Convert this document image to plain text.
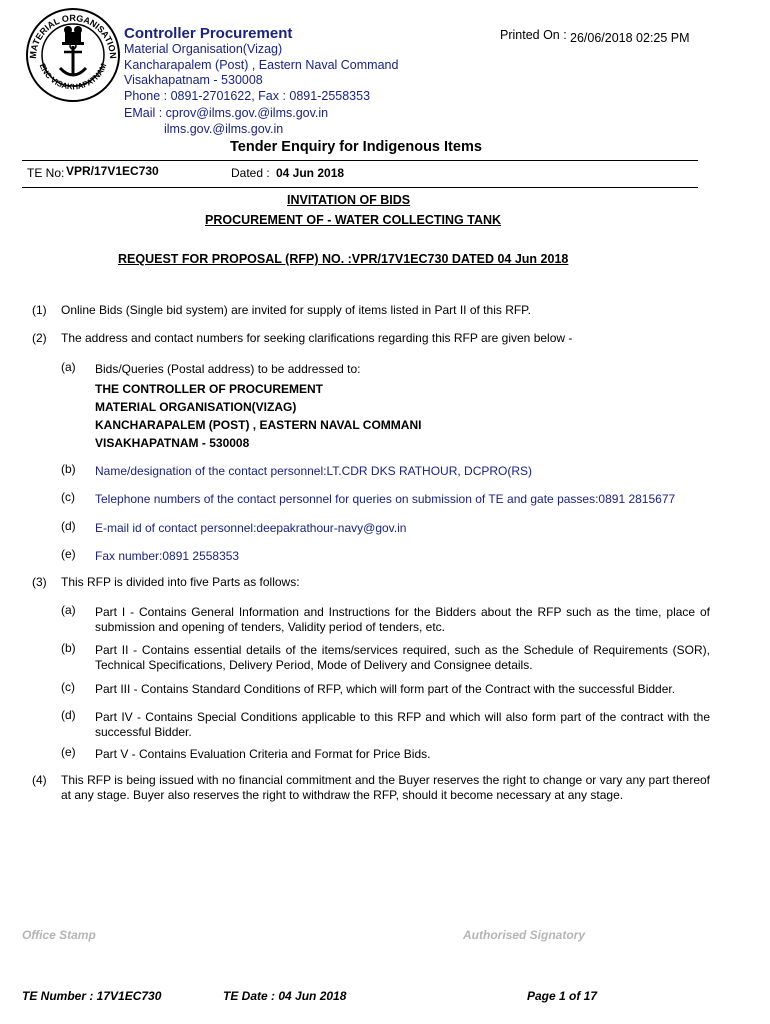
MATERIAL ORGANISATION
ENC VISAKHAPATNAM
Controller Procurement	Printed On : 26/06/2018 02:25 PM
Material Organisation(Vizag)
Kancharapalem (Post) , Eastern Naval Command
Visakhapatnam - 530008
Phone : 0891-2701622, Fax : 0891-2558353
EMail : cprov@ilms.gov.@ilms.gov.in
ilms.gov.@ilms.gov.in
Tender Enquiry for Indigenous Items
TE No: VPR/17V1EC730	Dated : 04 Jun 2018
INVITATION OF BIDS
PROCUREMENT OF - WATER COLLECTING TANK
REQUEST FOR PROPOSAL (RFP) NO. :VPR/17V1EC730 DATED 04 Jun 2018
(1) Online Bids (Single bid system) are invited for supply of items listed in Part II of this RFP.
(2) The address and contact numbers for seeking clarifications regarding this RFP are given below -
(a) Bids/Queries (Postal address) to be addressed to:
THE CONTROLLER OF PROCUREMENT
MATERIAL ORGANISATION(VIZAG)
KANCHARAPALEM (POST) , EASTERN NAVAL COMMANI
VISAKHAPATNAM - 530008
(b) Name/designation of the contact personnel:LT.CDR DKS RATHOUR, DCPRO(RS)
(c) Telephone numbers of the contact personnel for queries on submission of TE and gate passes:0891 2815677
(d) E-mail id of contact personnel:deepakrathour-navy@gov.in
(e) Fax number:0891 2558353
(3) This RFP is divided into five Parts as follows:
(a) Part I - Contains General Information and Instructions for the Bidders about the RFP such as the time, place of submission and opening of tenders, Validity period of tenders, etc.
(b) Part II - Contains essential details of the items/services required, such as the Schedule of Requirements (SOR), Technical Specifications, Delivery Period, Mode of Delivery and Consignee details.
(c) Part III - Contains Standard Conditions of RFP, which will form part of the Contract with the successful Bidder.
(d) Part IV - Contains Special Conditions applicable to this RFP and which will also form part of the contract with the successful Bidder.
(e) Part V - Contains Evaluation Criteria and Format for Price Bids.
(4) This RFP is being issued with no financial commitment and the Buyer reserves the right to change or vary any part thereof at any stage. Buyer also reserves the right to withdraw the RFP, should it become necessary at any stage.
Office Stamp	Authorised Signatory
TE Number : 17V1EC730	TE Date : 04 Jun 2018	Page 1 of 17
